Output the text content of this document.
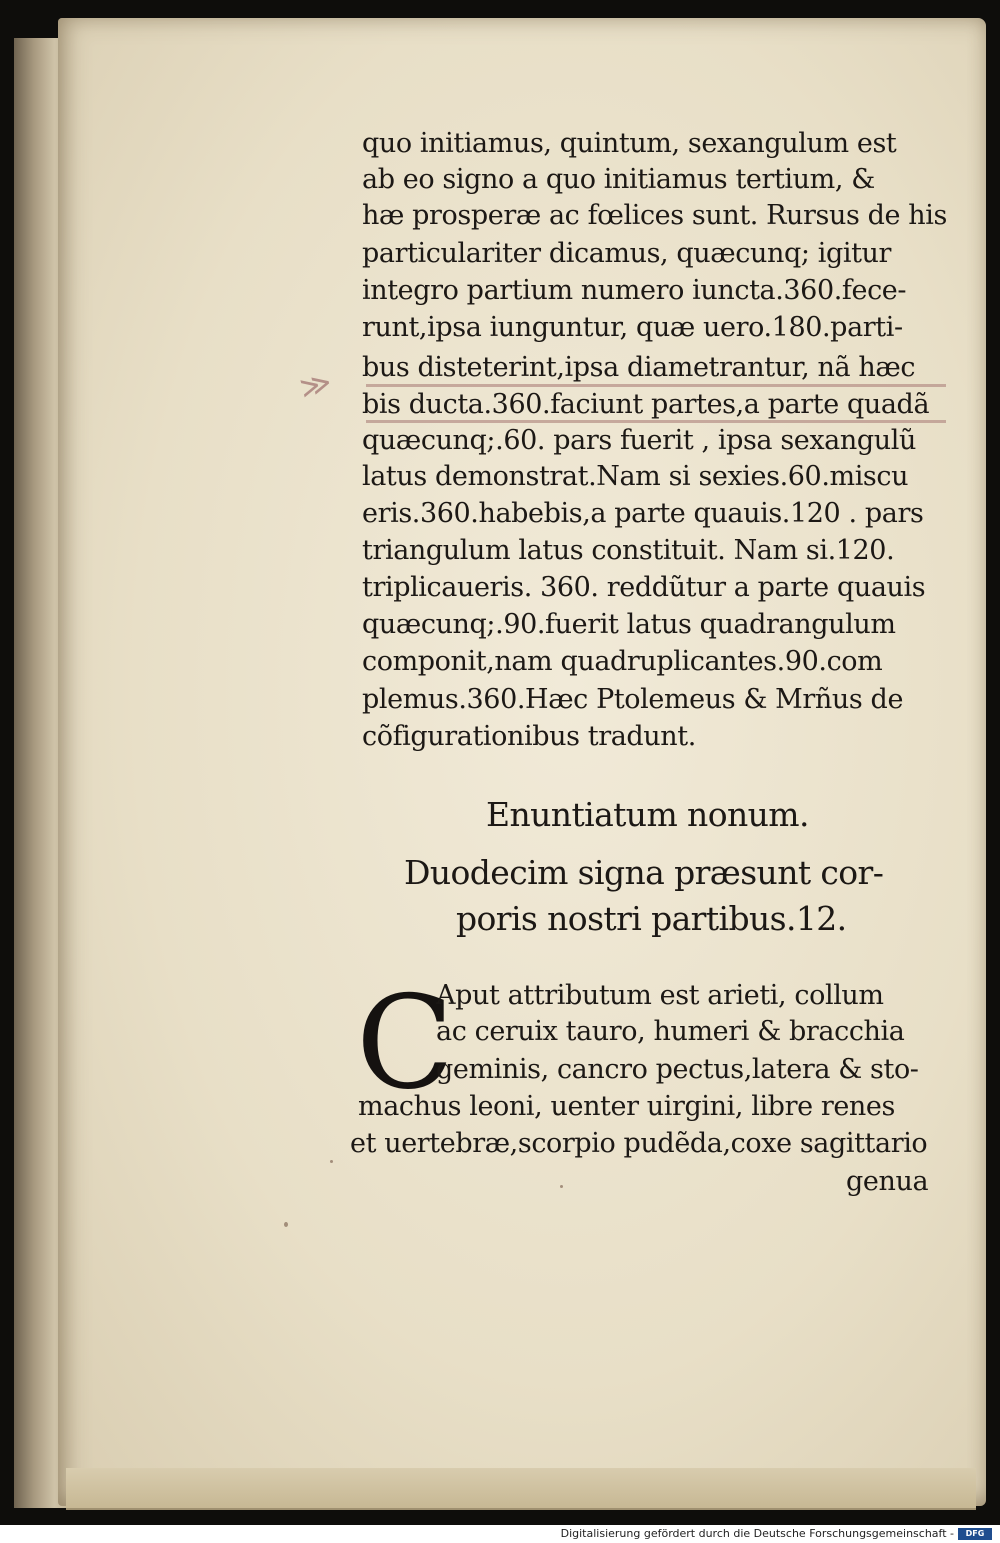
quo initiamus, quintum, sexangulum est
ab eo signo a quo initiamus tertium, &
hæ prosperæ ac fœlices sunt. Rursus de his
particulariter dicamus, quæcunq; igitur
integro partium numero iuncta.360.fece-
runt,ipsa iunguntur, quæ uero.180.parti-
bus disteterint,ipsa diametrantur, nã hæc
bis ducta.360.faciunt partes,a parte quadã
quæcunq;.60. pars fuerit , ipsa sexangulũ
latus demonstrat.Nam si sexies.60.miscu
eris.360.habebis,a parte quauis.120 . pars
triangulum latus constituit. Nam si.120.
triplicaueris. 360. reddũtur a parte quauis
quæcunq;.90.fuerit latus quadrangulum
componit,nam quadruplicantes.90.com
plemus.360.Hæc Ptolemeus & Mrñus de
cõfigurationibus tradunt.
≫
Enuntiatum nonum.
Duodecim signa præsunt cor-
poris nostri partibus.12.
C
Aput attributum est arieti, collum
ac ceruix tauro, humeri & bracchia
geminis, cancro pectus,latera & sto-
machus leoni, uenter uirgini, libre renes
et uertebræ,scorpio pudẽda,coxe sagittario
genua
Digitalisierung gefördert durch die Deutsche Forschungsgemeinschaft -	DFG
